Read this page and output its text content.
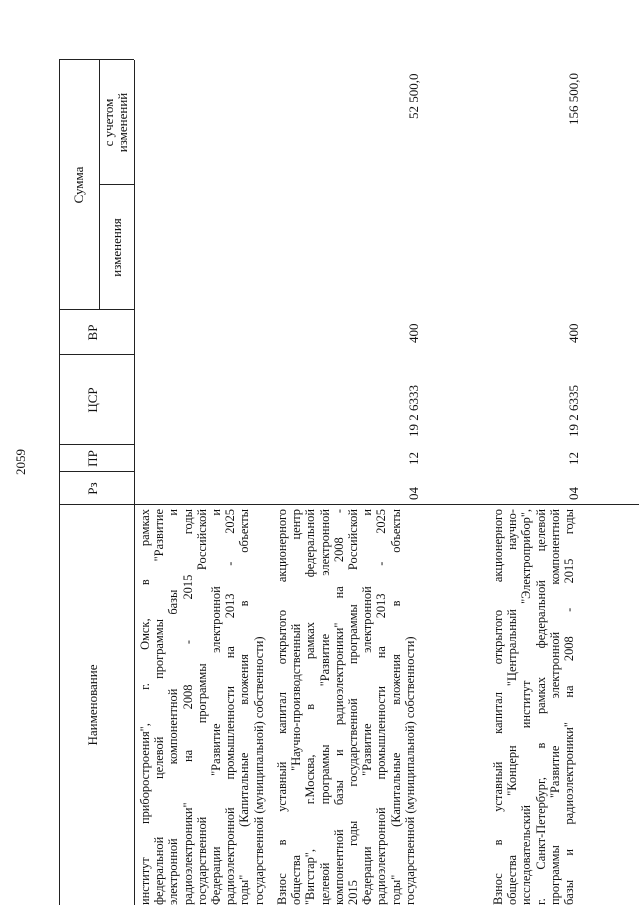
2059
Наименование
Рз
ПР
ЦСР
ВР
Сумма
изменения
с учетом изменений
институт приборостроения", г. Омск, в рамках федеральной целевой программы "Развитие электронной компонентной базы и радиоэлектроники" на 2008 - 2015 годы государственной программы Российской Федерации "Развитие электронной и радиоэлектронной промышленности на 2013 - 2025 годы" (Капитальные вложения в объекты государственной (муниципальной) собственности) Взнос в уставный капитал открытого акционерного общества "Научно-производственный центр "Вигстар", г.Москва, в рамках федеральной целевой программы "Развитие электронной компонентной базы и радиоэлектроники" на 2008 - 2015 годы государственной программы Российской Федерации "Развитие электронной и радиоэлектронной промышленности на 2013 - 2025 годы" (Капитальные вложения в объекты государственной (муниципальной) собственности)
04
12
19 2 6333
400
52 500,0
Взнос в уставный капитал открытого акционерного общества "Концерн "Центральный научно- исследовательский институт "Электроприбор", г. Санкт-Петербург, в рамках федеральной целевой программы "Развитие электронной компонентной базы и радиоэлектроники" на 2008 - 2015 годы
04
12
19 2 6335
400
156 500,0
